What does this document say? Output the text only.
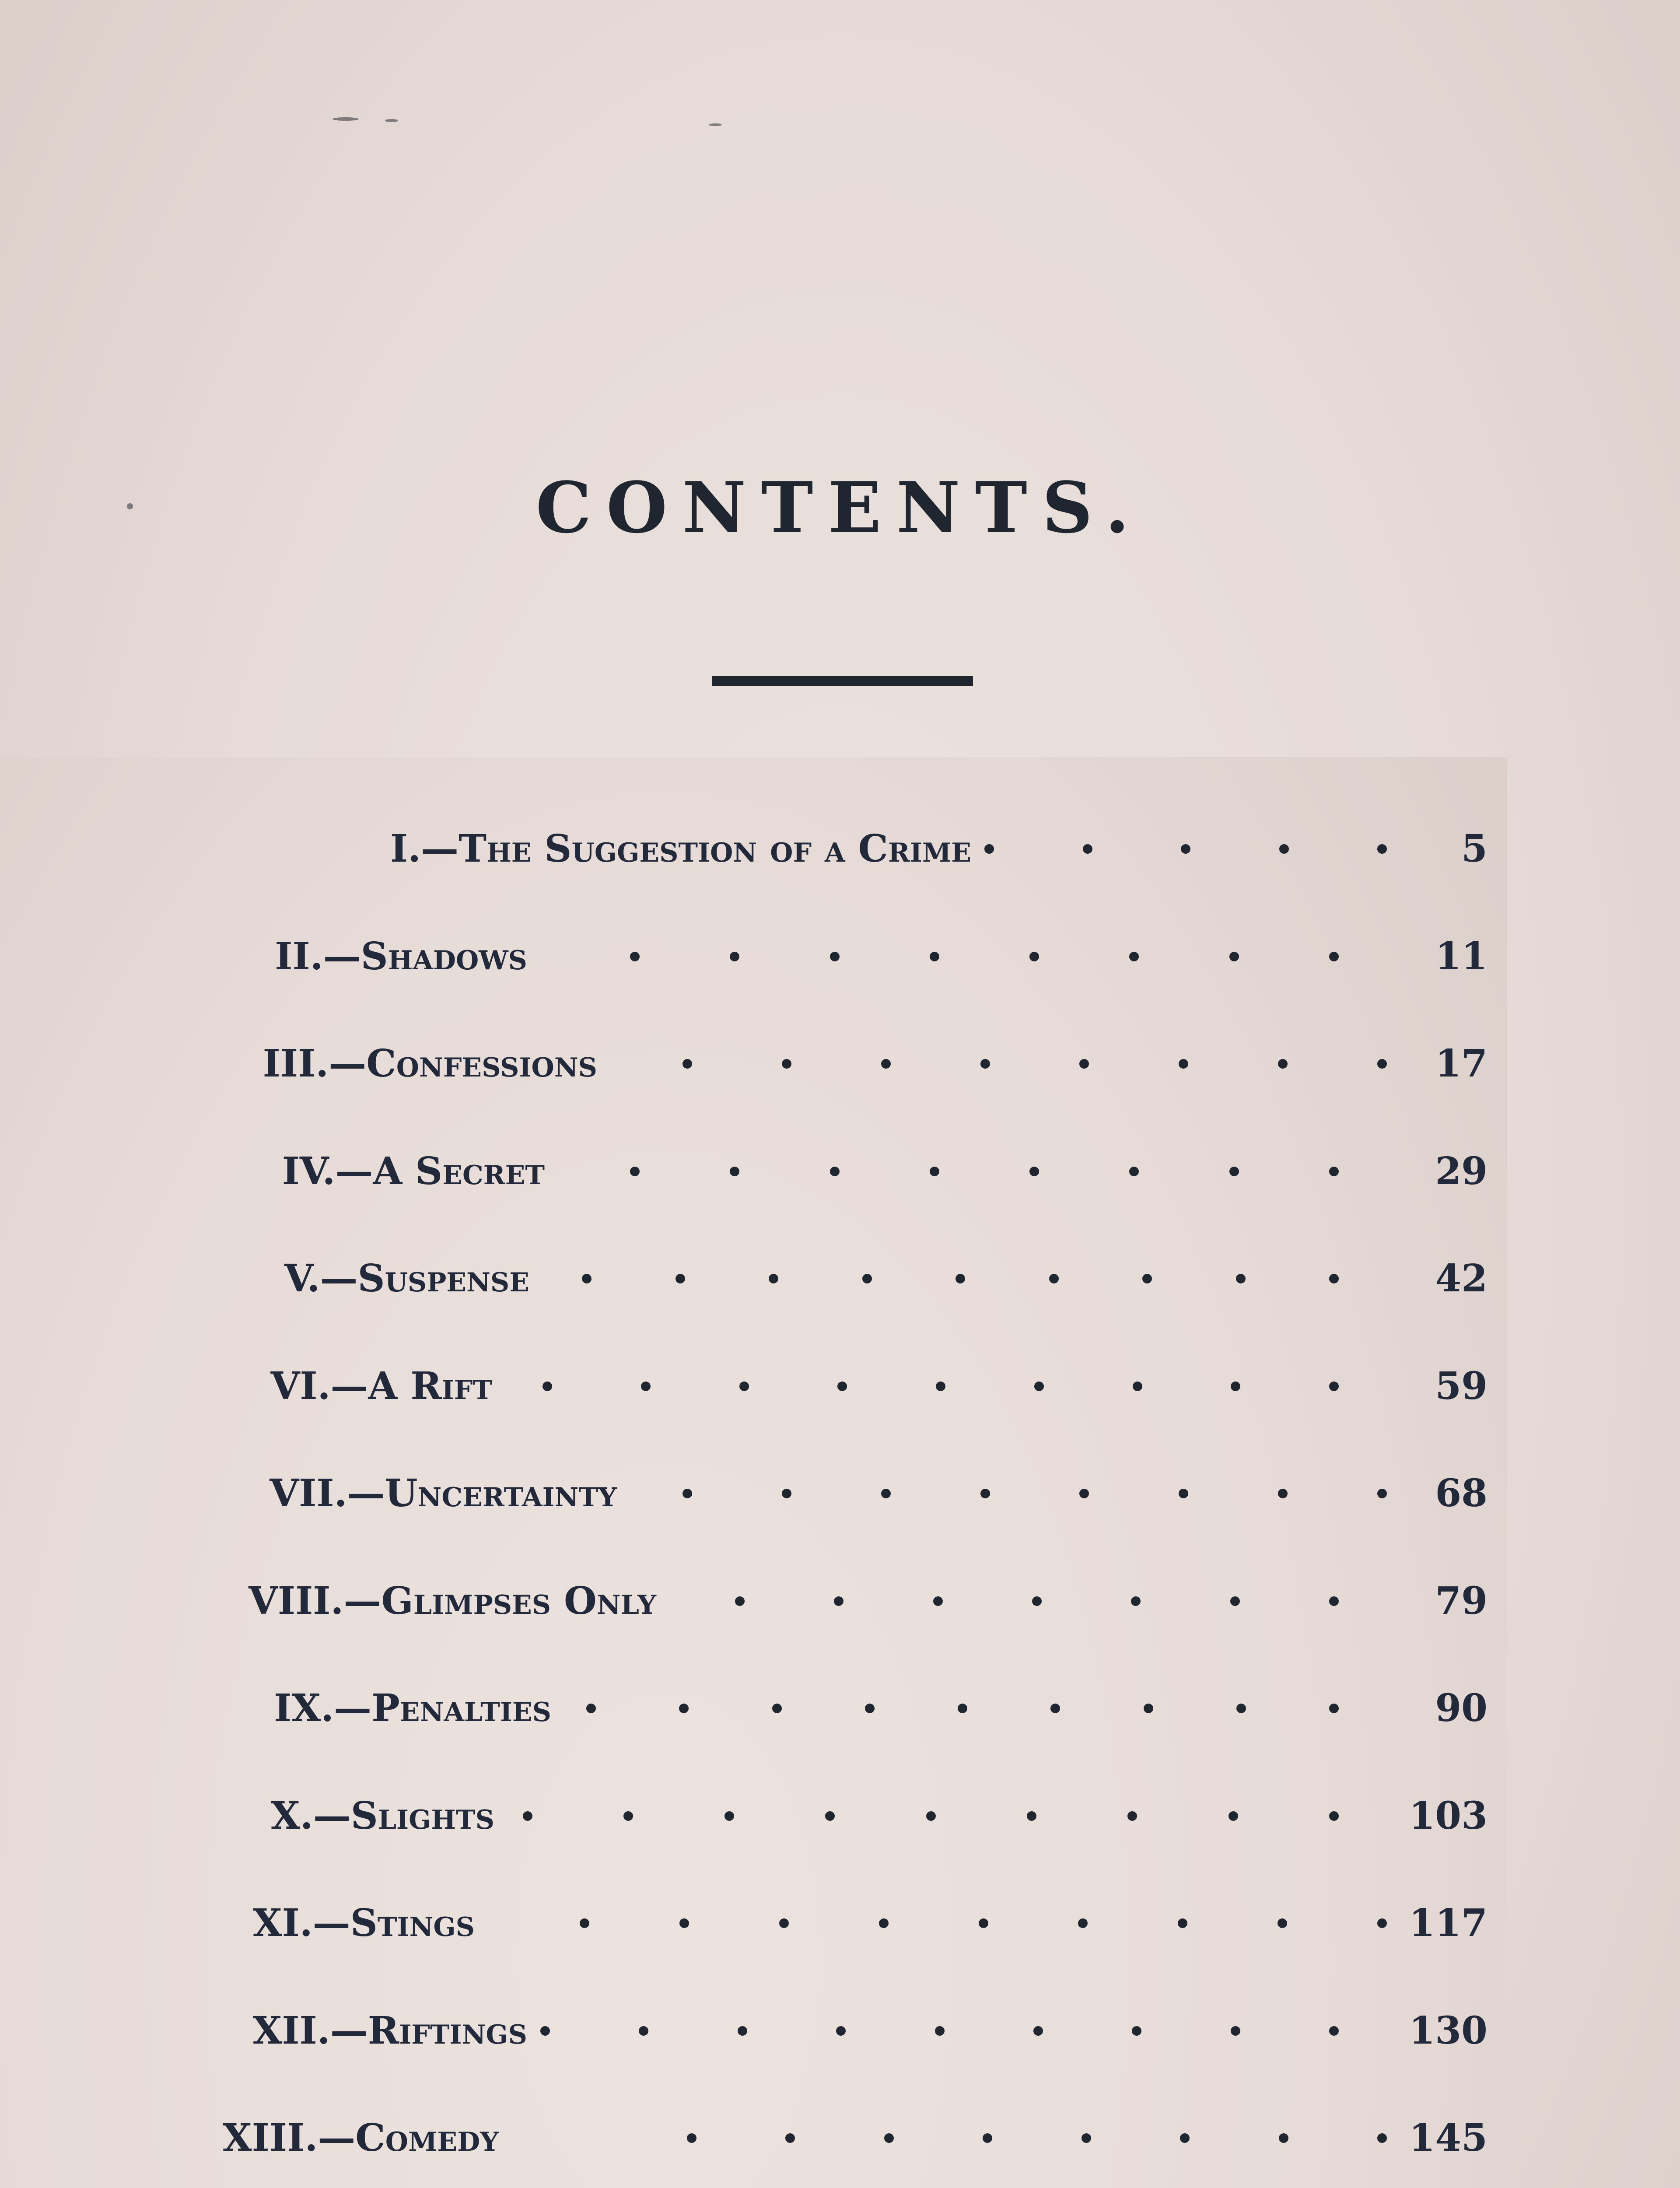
CONTENTS.
I.—The Suggestion of a Crime	5
II.—Shadows	11
III.—Confessions	17
IV.—A Secret	29
V.—Suspense	42
VI.—A Rift	59
VII.—Uncertainty	68
VIII.—Glimpses Only	79
IX.—Penalties	90
X.—Slights	103
XI.—Stings	117
XII.—Riftings	130
XIII.—Comedy	145
